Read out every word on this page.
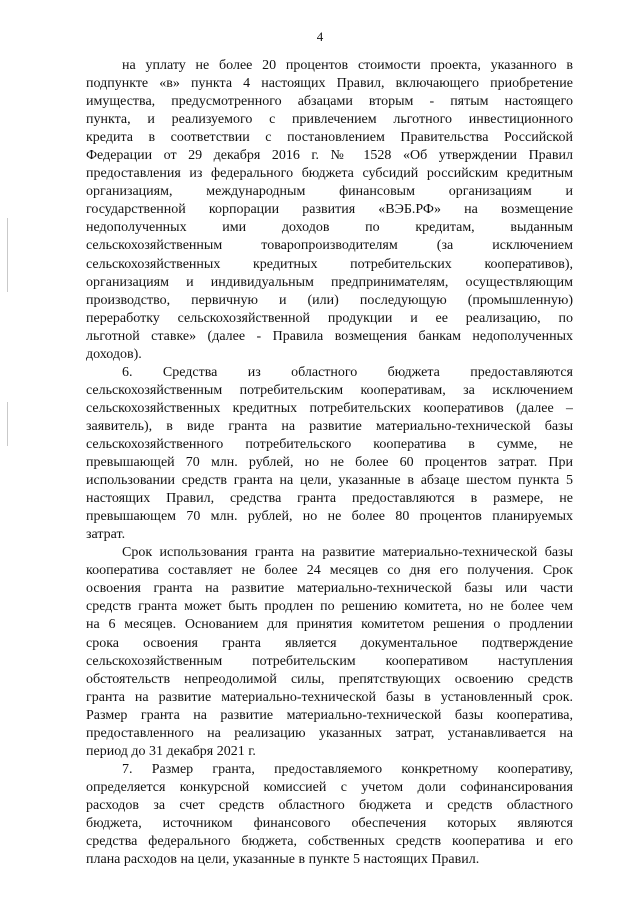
4
на уплату не более 20 процентов стоимости проекта, указанного в
подпункте «в» пункта 4 настоящих Правил, включающего приобретение
имущества, предусмотренного абзацами вторым - пятым настоящего
пункта, и реализуемого с привлечением льготного инвестиционного
кредита в соответствии с постановлением Правительства Российской
Федерации от 29 декабря 2016 г. № 1528 «Об утверждении Правил
предоставления из федерального бюджета субсидий российским кредитным
организациям, международным финансовым организациям и
государственной корпорации развития «ВЭБ.РФ» на возмещение
недополученных ими доходов по кредитам, выданным
сельскохозяйственным товаропроизводителям (за исключением
сельскохозяйственных кредитных потребительских кооперативов),
организациям и индивидуальным предпринимателям, осуществляющим
производство, первичную и (или) последующую (промышленную)
переработку сельскохозяйственной продукции и ее реализацию, по
льготной ставке» (далее - Правила возмещения банкам недополученных
доходов).
6. Средства из областного бюджета предоставляются
сельскохозяйственным потребительским кооперативам, за исключением
сельскохозяйственных кредитных потребительских кооперативов (далее –
заявитель), в виде гранта на развитие материально-технической базы
сельскохозяйственного потребительского кооператива в сумме, не
превышающей 70 млн. рублей, но не более 60 процентов затрат. При
использовании средств гранта на цели, указанные в абзаце шестом пункта 5
настоящих Правил, средства гранта предоставляются в размере, не
превышающем 70 млн. рублей, но не более 80 процентов планируемых
затрат.
Срок использования гранта на развитие материально-технической базы
кооператива составляет не более 24 месяцев со дня его получения. Срок
освоения гранта на развитие материально-технической базы или части
средств гранта может быть продлен по решению комитета, но не более чем
на 6 месяцев. Основанием для принятия комитетом решения о продлении
срока освоения гранта является документальное подтверждение
сельскохозяйственным потребительским кооперативом наступления
обстоятельств непреодолимой силы, препятствующих освоению средств
гранта на развитие материально-технической базы в установленный срок.
Размер гранта на развитие материально-технической базы кооператива,
предоставленного на реализацию указанных затрат, устанавливается на
период до 31 декабря 2021 г.
7. Размер гранта, предоставляемого конкретному кооперативу,
определяется конкурсной комиссией с учетом доли софинансирования
расходов за счет средств областного бюджета и средств областного
бюджета, источником финансового обеспечения которых являются
средства федерального бюджета, собственных средств кооператива и его
плана расходов на цели, указанные в пункте 5 настоящих Правил.
